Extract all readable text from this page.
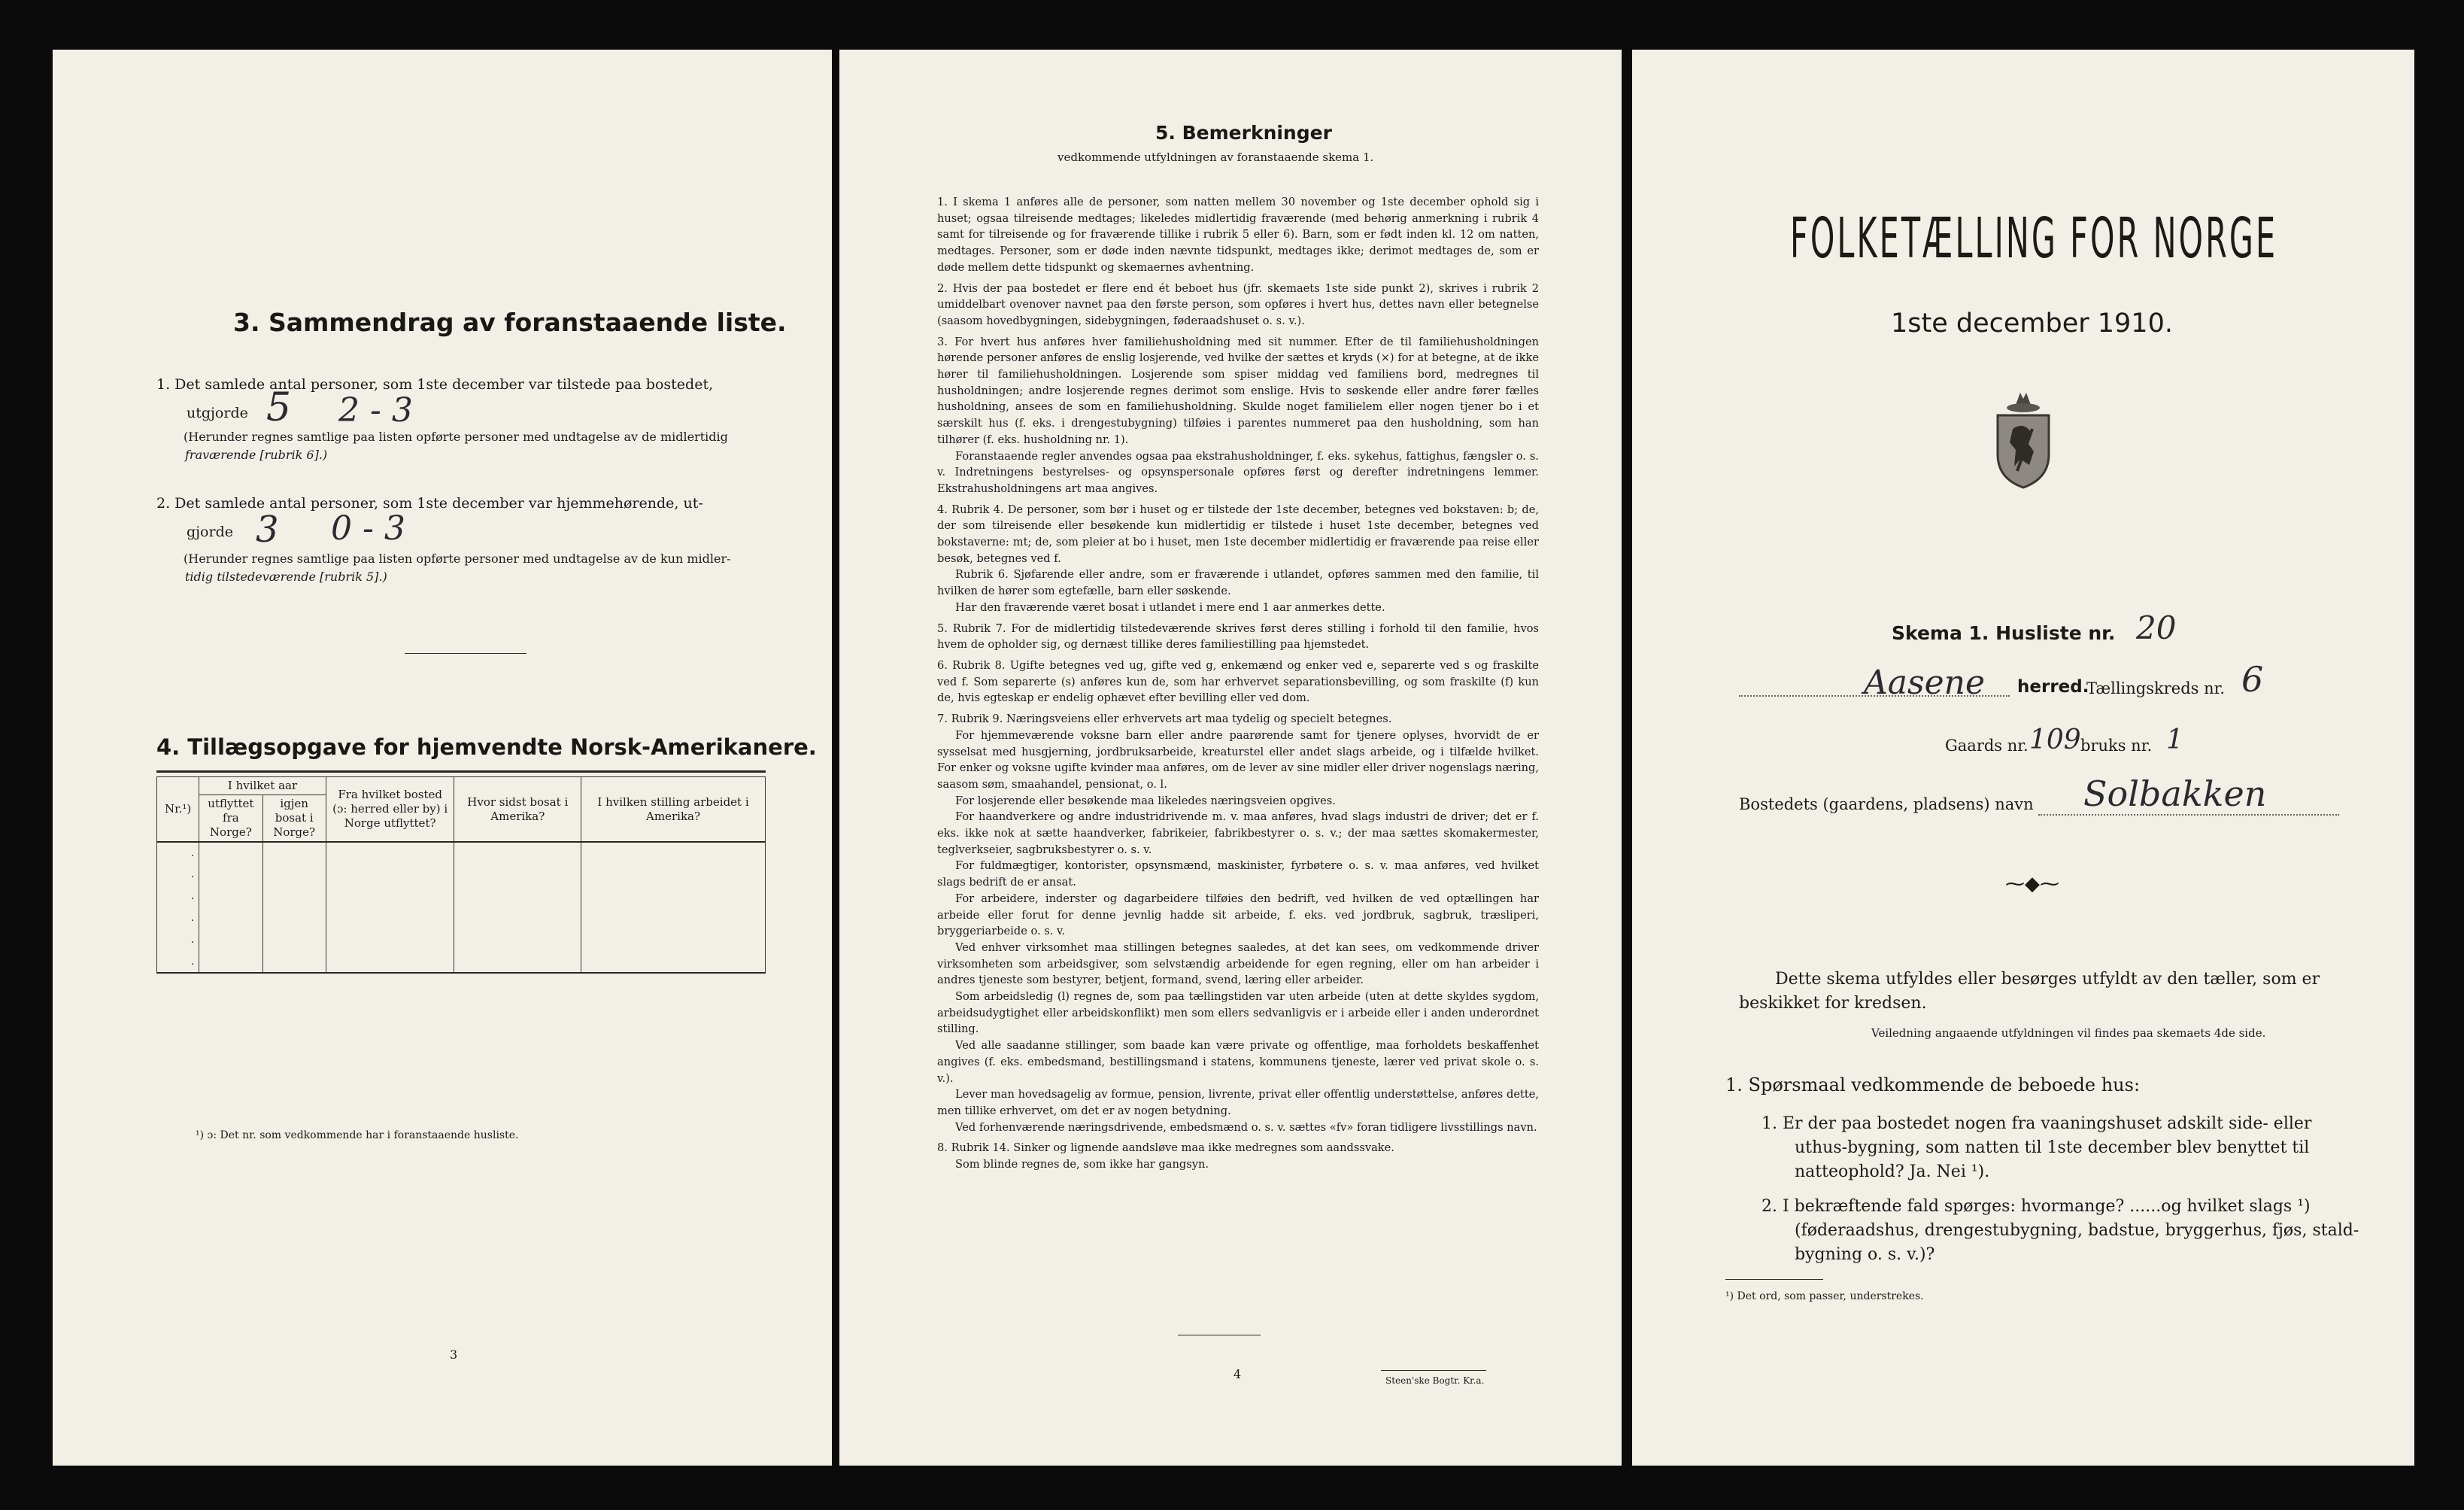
3. Sammendrag av foranstaaende liste.
1. Det samlede antal personer, som 1ste december var tilstede paa bostedet,
utgjorde 5 2 - 3
(Herunder regnes samtlige paa listen opførte personer med undtagelse av de midlertidig
fraværende [rubrik 6].)
2. Det samlede antal personer, som 1ste december var hjemmehørende, ut-
gjorde 3 0 - 3
(Herunder regnes samtlige paa listen opførte personer med undtagelse av de kun midler-
tidig tilstedeværende [rubrik 5].)
4. Tillægsopgave for hjemvendte Norsk-Amerikanere.
Nr.¹)	I hvilket aar		Fra hvilket bosted (ɔ: herred eller by) i Norge utflyttet?	Hvor sidst bosat i Amerika?	I hvilken stilling arbeidet i Amerika?
	utflyttet fra Norge?	igjen bosat i Norge?			
.					
.					
.					
.					
.					
.					
¹) ɔ: Det nr. som vedkommende har i foranstaaende husliste.
3
5. Bemerkninger
vedkommende utfyldningen av foranstaaende skema 1.

1. I skema 1 anføres alle de personer, som natten mellem 30 november og 1ste december ophold sig i huset; ogsaa tilreisende medtages; likeledes midlertidig fraværende (med behørig anmerkning i rubrik 4 samt for tilreisende og for fraværende tillike i rubrik 5 eller 6). Barn, som er født inden kl. 12 om natten, medtages. Personer, som er døde inden nævnte tidspunkt, medtages ikke; derimot medtages de, som er døde mellem dette tidspunkt og skemaernes avhentning.

2. Hvis der paa bostedet er flere end ét beboet hus (jfr. skemaets 1ste side punkt 2), skrives i rubrik 2 umiddelbart ovenover navnet paa den første person, som opføres i hvert hus, dettes navn eller betegnelse (saasom hovedbygningen, sidebygningen, føderaadshuset o. s. v.).

3. For hvert hus anføres hver familiehusholdning med sit nummer. Efter de til familiehusholdningen hørende personer anføres de enslig losjerende, ved hvilke der sættes et kryds (×) for at betegne, at de ikke hører til familiehusholdningen. Losjerende som spiser middag ved familiens bord, medregnes til husholdningen; andre losjerende regnes derimot som enslige. Hvis to søskende eller andre fører fælles husholdning, ansees de som en familiehusholdning. Skulde noget familielem eller nogen tjener bo i et særskilt hus (f. eks. i drengestubygning) tilføies i parentes nummeret paa den husholdning, som han tilhører (f. eks. husholdning nr. 1).

Foranstaaende regler anvendes ogsaa paa ekstrahusholdninger, f. eks. sykehus, fattighus, fængsler o. s. v. Indretningens bestyrelses- og opsynspersonale opføres først og derefter indretningens lemmer. Ekstrahusholdningens art maa angives.

4. Rubrik 4. De personer, som bør i huset og er tilstede der 1ste december, betegnes ved bokstaven: b; de, der som tilreisende eller besøkende kun midlertidig er tilstede i huset 1ste december, betegnes ved bokstaverne: mt; de, som pleier at bo i huset, men 1ste december midlertidig er fraværende paa reise eller besøk, betegnes ved f.

Rubrik 6. Sjøfarende eller andre, som er fraværende i utlandet, opføres sammen med den familie, til hvilken de hører som egtefælle, barn eller søskende.

Har den fraværende været bosat i utlandet i mere end 1 aar anmerkes dette.

5. Rubrik 7. For de midlertidig tilstedeværende skrives først deres stilling i forhold til den familie, hvos hvem de opholder sig, og dernæst tillike deres familiestilling paa hjemstedet.

6. Rubrik 8. Ugifte betegnes ved ug, gifte ved g, enkemænd og enker ved e, separerte ved s og fraskilte ved f. Som separerte (s) anføres kun de, som har erhvervet separationsbevilling, og som fraskilte (f) kun de, hvis egteskap er endelig ophævet efter bevilling eller ved dom.

7. Rubrik 9. Næringsveiens eller erhvervets art maa tydelig og specielt betegnes.

For hjemmeværende voksne barn eller andre paarørende samt for tjenere oplyses, hvorvidt de er sysselsat med husgjerning, jordbruksarbeide, kreaturstel eller andet slags arbeide, og i tilfælde hvilket. For enker og voksne ugifte kvinder maa anføres, om de lever av sine midler eller driver nogenslags næring, saasom søm, smaahandel, pensionat, o. l.

For losjerende eller besøkende maa likeledes næringsveien opgives.

For haandverkere og andre industridrivende m. v. maa anføres, hvad slags industri de driver; det er f. eks. ikke nok at sætte haandverker, fabrikeier, fabrikbestyrer o. s. v.; der maa sættes skomakermester, teglverkseier, sagbruksbestyrer o. s. v.

For fuldmægtiger, kontorister, opsynsmænd, maskinister, fyrbøtere o. s. v. maa anføres, ved hvilket slags bedrift de er ansat.

For arbeidere, inderster og dagarbeidere tilføies den bedrift, ved hvilken de ved optællingen har arbeide eller forut for denne jevnlig hadde sit arbeide, f. eks. ved jordbruk, sagbruk, træsliperi, bryggeriarbeide o. s. v.

Ved enhver virksomhet maa stillingen betegnes saaledes, at det kan sees, om vedkommende driver virksomheten som arbeidsgiver, som selvstændig arbeidende for egen regning, eller om han arbeider i andres tjeneste som bestyrer, betjent, formand, svend, læring eller arbeider.

Som arbeidsledig (l) regnes de, som paa tællingstiden var uten arbeide (uten at dette skyldes sygdom, arbeidsudygtighet eller arbeidskonflikt) men som ellers sedvanligvis er i arbeide eller i anden underordnet stilling.

Ved alle saadanne stillinger, som baade kan være private og offentlige, maa forholdets beskaffenhet angives (f. eks. embedsmand, bestillingsmand i statens, kommunens tjeneste, lærer ved privat skole o. s. v.).

Lever man hovedsagelig av formue, pension, livrente, privat eller offentlig understøttelse, anføres dette, men tillike erhvervet, om det er av nogen betydning.

Ved forhenværende næringsdrivende, embedsmænd o. s. v. sættes «fv» foran tidligere livsstillings navn.

8. Rubrik 14. Sinker og lignende aandsløve maa ikke medregnes som aandssvake.

Som blinde regnes de, som ikke har gangsyn.

4	Steen'ske Bogtr. Kr.a.
FOLKETÆLLING FOR NORGE
1ste december 1910.
Skema 1. Husliste nr. 20
Aasene herred.
Tællingskreds nr. 6
Gaards nr. 109 bruks nr. 1
Bostedets (gaardens, pladsens) navn Solbakken
⁓◆⁓
Dette skema utfyldes eller besørges utfyldt av den tæller, som er
beskikket for kredsen.
Veiledning angaaende utfyldningen vil findes paa skemaets 4de side.
1. Spørsmaal vedkommende de beboede hus:
1. Er der paa bostedet nogen fra vaaningshuset adskilt side- eller
uthus-bygning, som natten til 1ste december blev benyttet til
natteophold? Ja. Nei ¹).
2. I bekræftende fald spørges: hvormange? ......og hvilket slags ¹)
(føderaadshus, drengestubygning, badstue, bryggerhus, fjøs, stald-
bygning o. s. v.)?
¹) Det ord, som passer, understrekes.
